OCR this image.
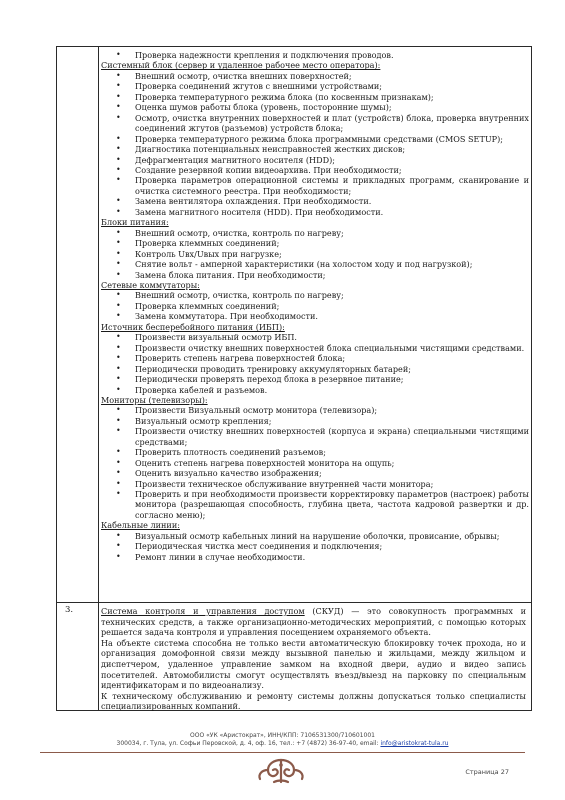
3.
• Проверка надежности крепления и подключения проводов.
Системный блок (сервер и удаленное рабочее место оператора):
• Внешний осмотр, очистка внешних поверхностей;
• Проверка соединений жгутов с внешними устройствами;
• Проверка температурного режима блока (по косвенным признакам);
• Оценка шумов работы блока (уровень, посторонние шумы);
• Осмотр, очистка внутренних поверхностей и плат (устройств) блока, проверка внутренних соединений жгутов (разъемов) устройств блока;
• Проверка температурного режима блока программными средствами (CMOS SETUP);
• Диагностика потенциальных неисправностей жестких дисков;
• Дефрагментация магнитного носителя (HDD);
• Создание резервной копии видеоархива. При необходимости;
• Проверка параметров операционной системы и прикладных программ, сканирование и очистка системного реестра. При необходимости;
• Замена вентилятора охлаждения. При необходимости.
• Замена магнитного носителя (HDD). При необходимости.
Блоки питания:
• Внешний осмотр, очистка, контроль по нагреву;
• Проверка клеммных соединений;
• Контроль Uвх/Uвых при нагрузке;
• Снятие вольт - амперной характеристики (на холостом ходу и под нагрузкой);
• Замена блока питания. При необходимости;
Сетевые коммутаторы:
• Внешний осмотр, очистка, контроль по нагреву;
• Проверка клеммных соединений;
• Замена коммутатора. При необходимости.
Источник бесперебойного питания (ИБП):
• Произвести визуальный осмотр ИБП.
• Произвести очистку внешних поверхностей блока специальными чистящими средствами.
• Проверить степень нагрева поверхностей блока;
• Периодически проводить тренировку аккумуляторных батарей;
• Периодически проверять переход блока в резервное питание;
• Проверка кабелей и разъемов.
Мониторы (телевизоры):
• Произвести Визуальный осмотр монитора (телевизора);
• Визуальный осмотр крепления;
• Произвести очистку внешних поверхностей (корпуса и экрана) специальными чистящими средствами;
• Проверить плотность соединений разъемов;
• Оценить степень нагрева поверхностей монитора на ощупь;
• Оценить визуально качество изображения;
• Произвести техническое обслуживание внутренней части монитора;
• Проверить и при необходимости произвести корректировку параметров (настроек) работы монитора (разрешающая способность, глубина цвета, частота кадровой развертки и др. согласно меню);
Кабельные линии:
• Визуальный осмотр кабельных линий на нарушение оболочки, провисание, обрывы;
• Периодическая чистка мест соединения и подключения;
• Ремонт линии в случае необходимости.

Система контроля и управления доступом (СКУД) — это совокупность программных и технических средств, а также организационно-методических мероприятий, с помощью которых решается задача контроля и управления посещением охраняемого объекта.

На объекте система способна не только вести автоматическую блокировку точек прохода, но и организация домофонной связи между вызывной панелью и жильцами, между жильцом и диспетчером, удаленное управление замком на входной двери, аудио и видео запись посетителей. Автомобилисты смогут осуществлять въезд/выезд на парковку по специальным идентификаторам и по видеоанализу.

К техническому обслуживанию и ремонту системы должны допускаться только специалисты специализированных компаний.

ООО «УК «Аристократ», ИНН/КПП: 7106531300/710601001
300034, г. Тула, ул. Софьи Перовской, д. 4, оф. 16, тел.: +7 (4872) 36-97-40, email: info@aristokrat-tula.ru
Страница 27
